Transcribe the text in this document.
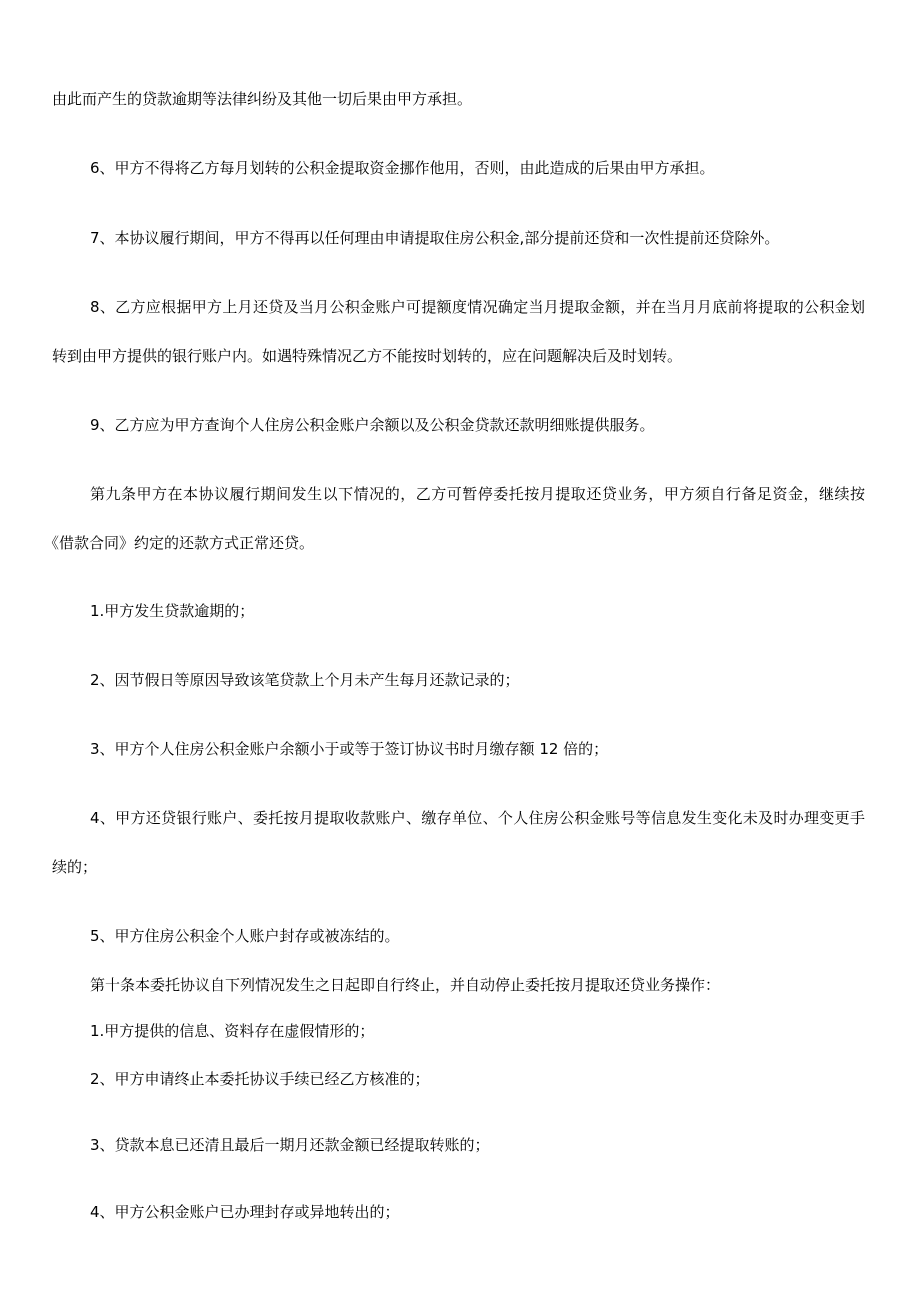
由此而产生的贷款逾期等法律纠纷及其他一切后果由甲方承担。
6、甲方不得将乙方每月划转的公积金提取资金挪作他用，否则，由此造成的后果由甲方承担。
7、本协议履行期间，甲方不得再以任何理由申请提取住房公积金,部分提前还贷和一次性提前还贷除外。
8、乙方应根据甲方上月还贷及当月公积金账户可提额度情况确定当月提取金额，并在当月月底前将提取的公积金划
转到由甲方提供的银行账户内。如遇特殊情况乙方不能按时划转的，应在问题解决后及时划转。
9、乙方应为甲方查询个人住房公积金账户余额以及公积金贷款还款明细账提供服务。
第九条甲方在本协议履行期间发生以下情况的，乙方可暂停委托按月提取还贷业务，甲方须自行备足资金，继续按
《借款合同》约定的还款方式正常还贷。
1.甲方发生贷款逾期的；
2、因节假日等原因导致该笔贷款上个月未产生每月还款记录的；
3、甲方个人住房公积金账户余额小于或等于签订协议书时月缴存额 12 倍的；
4、甲方还贷银行账户、委托按月提取收款账户、缴存单位、个人住房公积金账号等信息发生变化未及时办理变更手
续的；
5、甲方住房公积金个人账户封存或被冻结的。
第十条本委托协议自下列情况发生之日起即自行终止，并自动停止委托按月提取还贷业务操作：
1.甲方提供的信息、资料存在虚假情形的；
2、甲方申请终止本委托协议手续已经乙方核准的；
3、贷款本息已还清且最后一期月还款金额已经提取转账的；
4、甲方公积金账户已办理封存或异地转出的；
